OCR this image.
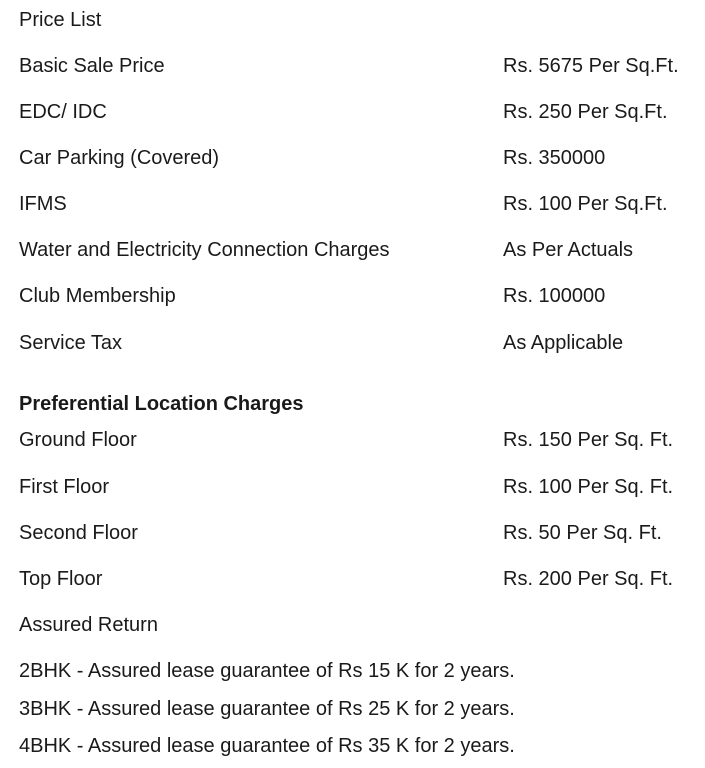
Price List
Basic Sale Price	Rs. 5675 Per Sq.Ft.
EDC/ IDC	Rs. 250 Per Sq.Ft.
Car Parking (Covered)	Rs. 350000
IFMS	Rs. 100 Per Sq.Ft.
Water and Electricity Connection Charges	As Per Actuals
Club Membership	Rs. 100000
Service Tax	As Applicable
Preferential Location Charges
Ground Floor	Rs. 150 Per Sq. Ft.
First Floor	Rs. 100 Per Sq. Ft.
Second Floor	Rs. 50 Per Sq. Ft.
Top Floor	Rs. 200 Per Sq. Ft.
Assured Return
2BHK - Assured lease guarantee of Rs 15 K for 2 years.
3BHK - Assured lease guarantee of Rs 25 K for 2 years.
4BHK - Assured lease guarantee of Rs 35 K for 2 years.
